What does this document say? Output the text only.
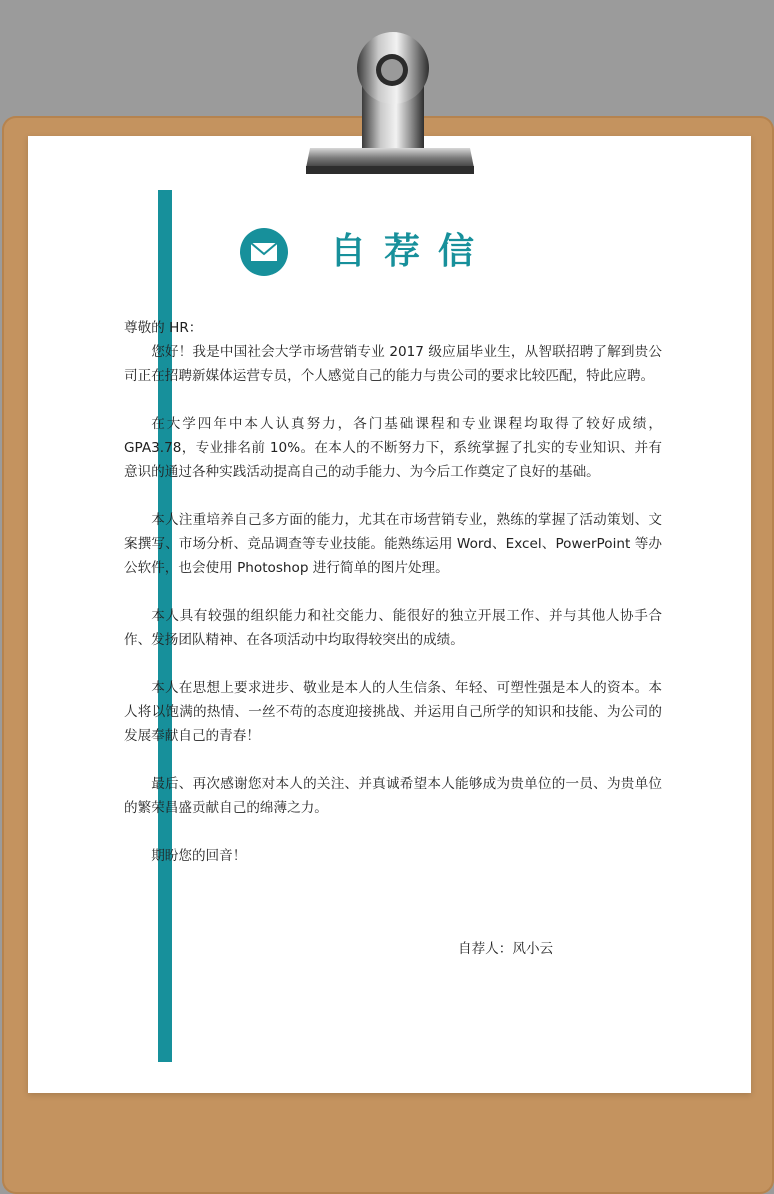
自荐信

尊敬的 HR：

您好！我是中国社会大学市场营销专业 2017 级应届毕业生，从智联招聘了解到贵公司正在招聘新媒体运营专员，个人感觉自己的能力与贵公司的要求比较匹配，特此应聘。

在大学四年中本人认真努力，各门基础课程和专业课程均取得了较好成绩，GPA3.78，专业排名前 10%。在本人的不断努力下，系统掌握了扎实的专业知识、并有意识的通过各种实践活动提高自己的动手能力、为今后工作奠定了良好的基础。

本人注重培养自己多方面的能力，尤其在市场营销专业，熟练的掌握了活动策划、文案撰写、市场分析、竞品调查等专业技能。能熟练运用 Word、Excel、PowerPoint 等办公软件，也会使用 Photoshop 进行简单的图片处理。

本人具有较强的组织能力和社交能力、能很好的独立开展工作、并与其他人协手合作、发扬团队精神、在各项活动中均取得较突出的成绩。

本人在思想上要求进步、敬业是本人的人生信条、年轻、可塑性强是本人的资本。本人将以饱满的热情、一丝不苟的态度迎接挑战、并运用自己所学的知识和技能、为公司的发展奉献自己的青春！

最后、再次感谢您对本人的关注、并真诚希望本人能够成为贵单位的一员、为贵单位的繁荣昌盛贡献自己的绵薄之力。

期盼您的回音！

自荐人：风小云
